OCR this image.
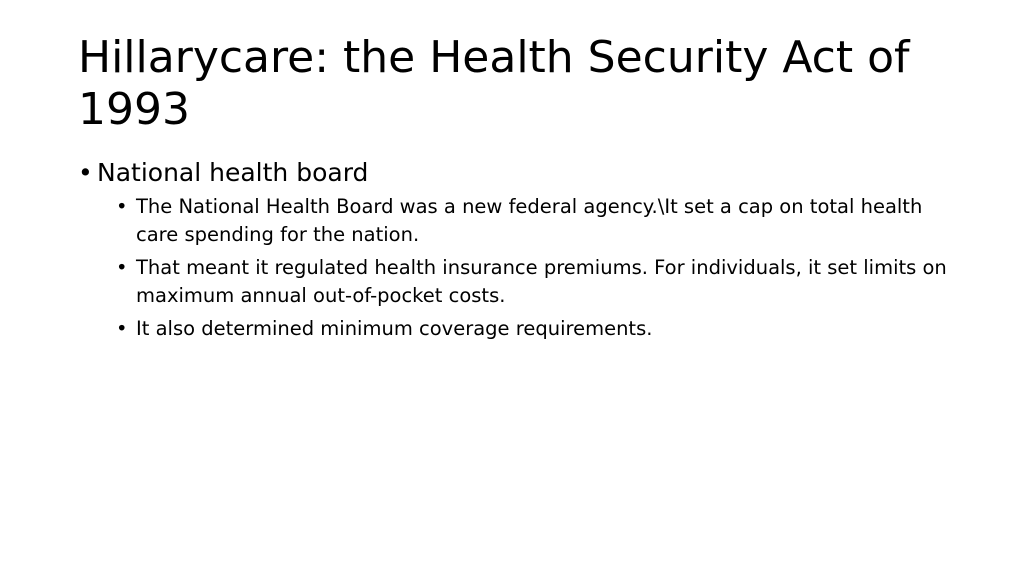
Hillarycare: the Health Security Act of 1993
• National health board
• The National Health Board was a new federal agency.\It set a cap on total health care spending for the nation.
• That meant it regulated health insurance premiums. For individuals, it set limits on maximum annual out-of-pocket costs.
• It also determined minimum coverage requirements.
